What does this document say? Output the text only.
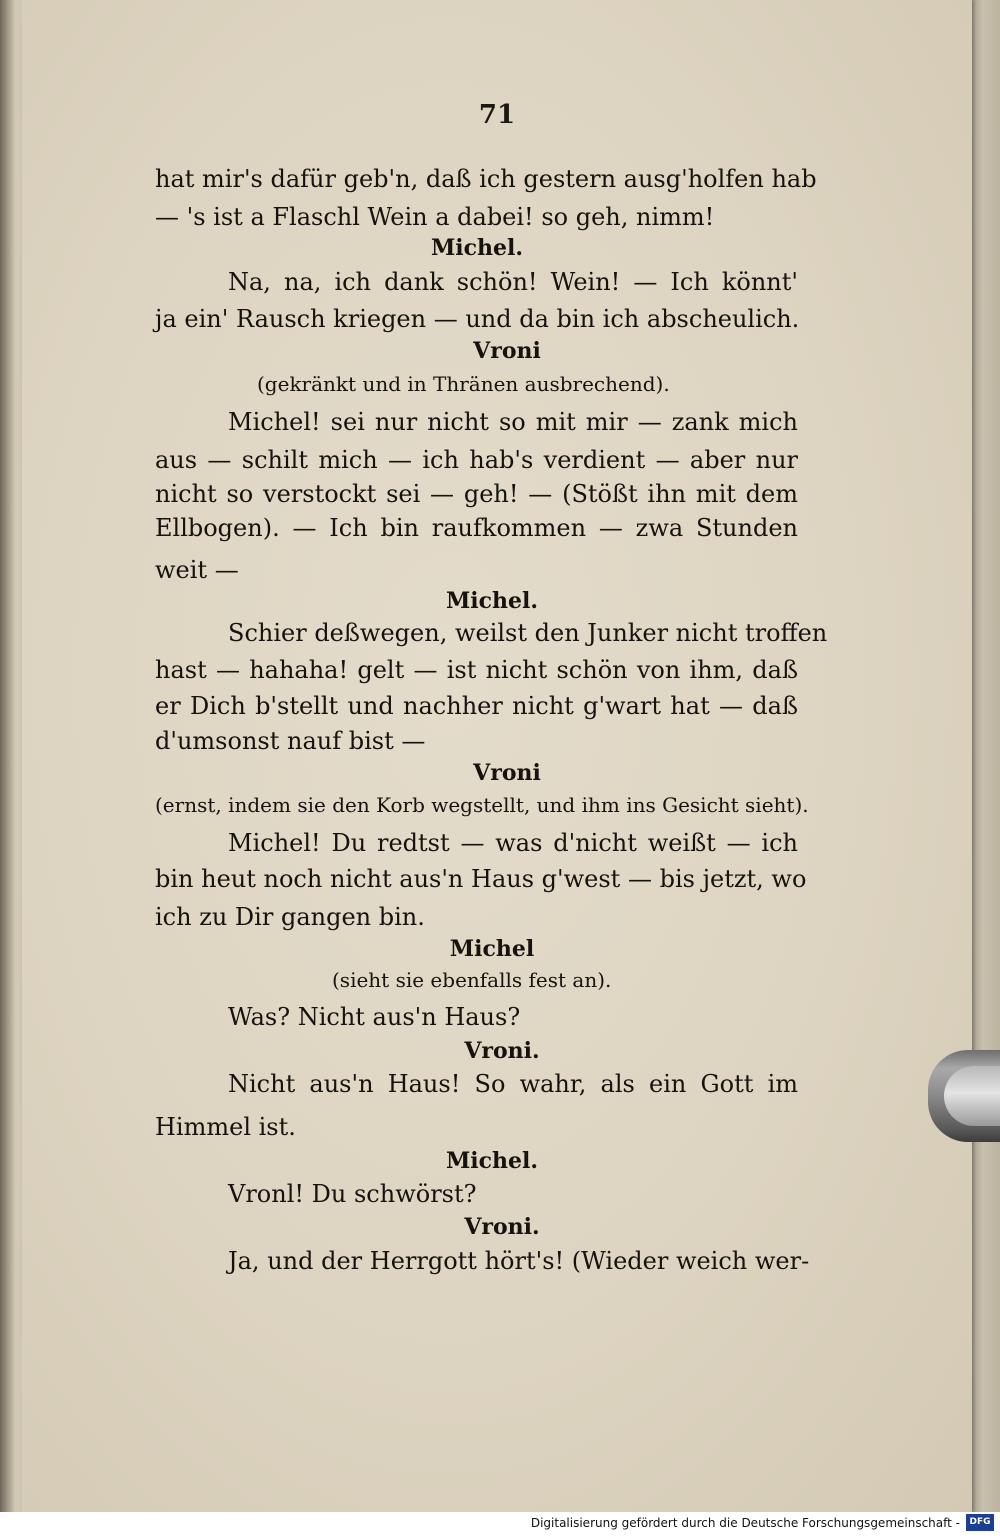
71
hat mir's dafür geb'n, daß ich gestern ausg'holfen hab
— 's ist a Flaschl Wein a dabei! so geh, nimm!
Michel.
Na, na, ich dank schön! Wein! — Ich könnt'
ja ein' Rausch kriegen — und da bin ich abscheulich.
Vroni
(gekränkt und in Thränen ausbrechend).
Michel! sei nur nicht so mit mir — zank mich
aus — schilt mich — ich hab's verdient — aber nur
nicht so verstockt sei — geh! — (Stößt ihn mit dem
Ellbogen). — Ich bin raufkommen — zwa Stunden
weit —
Michel.
Schier deßwegen, weilst den Junker nicht troffen
hast — hahaha! gelt — ist nicht schön von ihm, daß
er Dich b'stellt und nachher nicht g'wart hat — daß
d'umsonst nauf bist —
Vroni
(ernst, indem sie den Korb wegstellt, und ihm ins Gesicht sieht).
Michel! Du redtst — was d'nicht weißt — ich
bin heut noch nicht aus'n Haus g'west — bis jetzt, wo
ich zu Dir gangen bin.
Michel
(sieht sie ebenfalls fest an).
Was? Nicht aus'n Haus?
Vroni.
Nicht aus'n Haus! So wahr, als ein Gott im
Himmel ist.
Michel.
Vronl! Du schwörst?
Vroni.
Ja, und der Herrgott hört's! (Wieder weich wer-
Digitalisierung gefördert durch die Deutsche Forschungsgemeinschaft -	DFG
